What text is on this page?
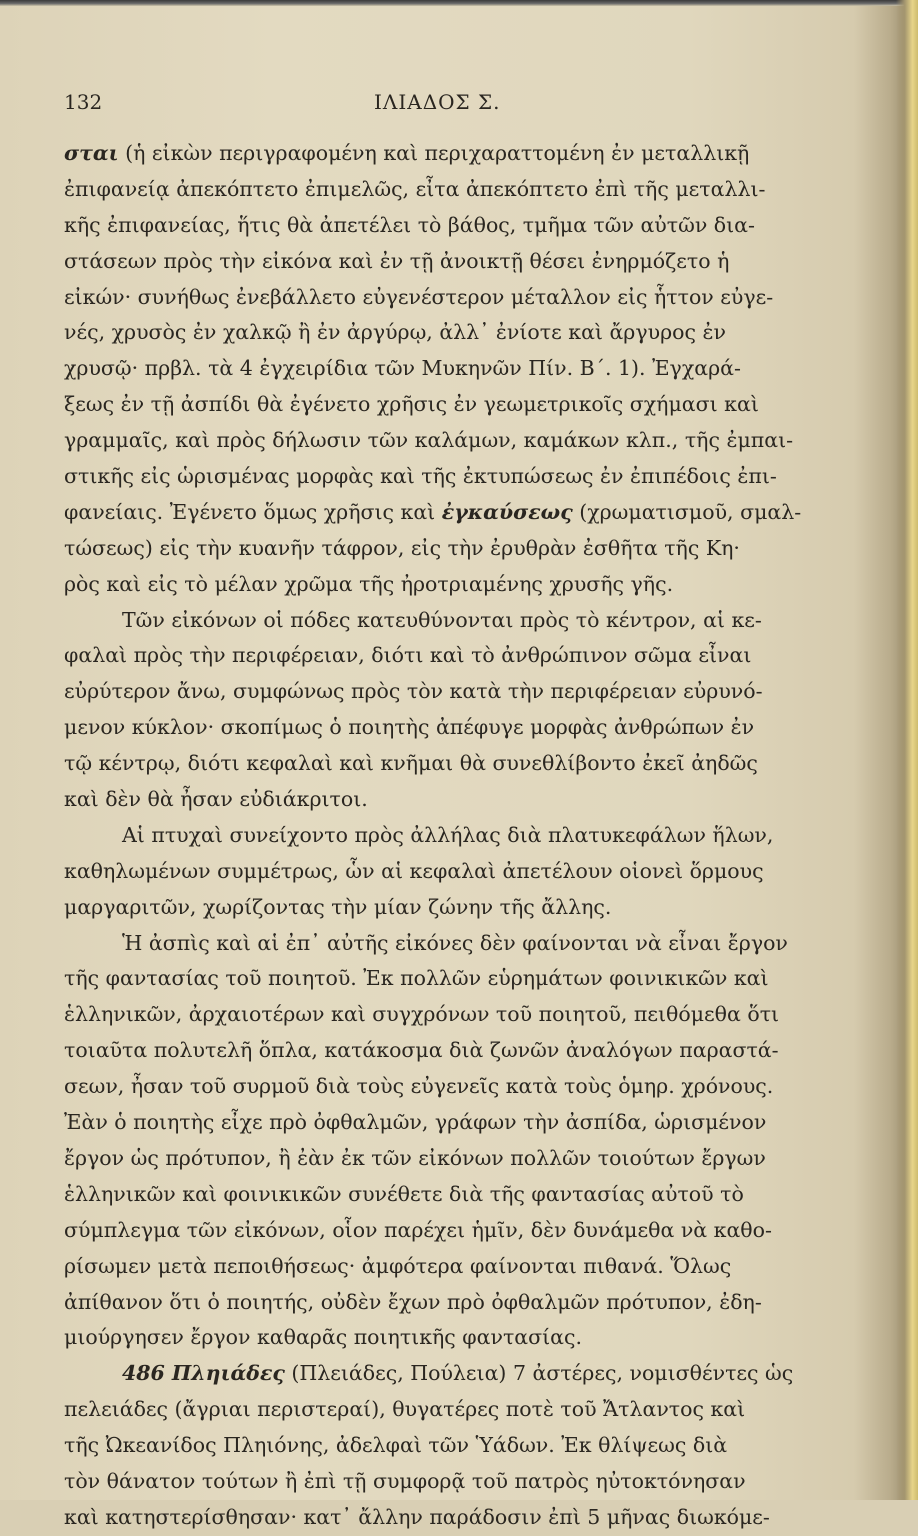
132	ΙΛΙΑΔΟΣ Σ.
σται (ἡ εἰκὼν περιγραφομένη καὶ περιχαραττομένη ἐν μεταλλικῇ
ἐπιφανείᾳ ἀπεκόπτετο ἐπιμελῶς, εἶτα ἀπεκόπτετο ἐπὶ τῆς μεταλλι-
κῆς ἐπιφανείας, ἥτις θὰ ἀπετέλει τὸ βάθος, τμῆμα τῶν αὐτῶν δια-
στάσεων πρὸς τὴν εἰκόνα καὶ ἐν τῇ ἀνοικτῇ θέσει ἐνηρμόζετο ἡ
εἰκών· συνήθως ἐνεβάλλετο εὐγενέστερον μέταλλον εἰς ἧττον εὐγε-
νές, χρυσὸς ἐν χαλκῷ ἢ ἐν ἀργύρῳ, ἀλλ᾽ ἐνίοτε καὶ ἄργυρος ἐν
χρυσῷ· πρβλ. τὰ 4 ἐγχειρίδια τῶν Μυκηνῶν Πίν. Β΄. 1). Ἐγχαρά-
ξεως ἐν τῇ ἀσπίδι θὰ ἐγένετο χρῆσις ἐν γεωμετρικοῖς σχήμασι καὶ
γραμμαῖς, καὶ πρὸς δήλωσιν τῶν καλάμων, καμάκων κλπ., τῆς ἐμπαι-
στικῆς εἰς ὡρισμένας μορφὰς καὶ τῆς ἐκτυπώσεως ἐν ἐπιπέδοις ἐπι-
φανείαις. Ἐγένετο ὅμως χρῆσις καὶ ἐγκαύσεως (χρωματισμοῦ, σμαλ-
τώσεως) εἰς τὴν κυανῆν τάφρον, εἰς τὴν ἐρυθρὰν ἐσθῆτα τῆς Κη·
ρὸς καὶ εἰς τὸ μέλαν χρῶμα τῆς ἠροτριαμένης χρυσῆς γῆς.
Τῶν εἰκόνων οἱ πόδες κατευθύνονται πρὸς τὸ κέντρον, αἱ κε-
φαλαὶ πρὸς τὴν περιφέρειαν, διότι καὶ τὸ ἀνθρώπινον σῶμα εἶναι
εὐρύτερον ἄνω, συμφώνως πρὸς τὸν κατὰ τὴν περιφέρειαν εὐρυνό-
μενον κύκλον· σκοπίμως ὁ ποιητὴς ἀπέφυγε μορφὰς ἀνθρώπων ἐν
τῷ κέντρῳ, διότι κεφαλαὶ καὶ κνῆμαι θὰ συνεθλίβοντο ἐκεῖ ἀηδῶς
καὶ δὲν θὰ ἦσαν εὐδιάκριτοι.
Αἱ πτυχαὶ συνείχοντο πρὸς ἀλλήλας διὰ πλατυκεφάλων ἥλων,
καθηλωμένων συμμέτρως, ὧν αἱ κεφαλαὶ ἀπετέλουν οἱονεὶ ὅρμους
μαργαριτῶν, χωρίζοντας τὴν μίαν ζώνην τῆς ἄλλης.
Ἡ ἀσπὶς καὶ αἱ ἐπ᾽ αὐτῆς εἰκόνες δὲν φαίνονται νὰ εἶναι ἔργον
τῆς φαντασίας τοῦ ποιητοῦ. Ἐκ πολλῶν εὑρημάτων φοινικικῶν καὶ
ἑλληνικῶν, ἀρχαιοτέρων καὶ συγχρόνων τοῦ ποιητοῦ, πειθόμεθα ὅτι
τοιαῦτα πολυτελῆ ὅπλα, κατάκοσμα διὰ ζωνῶν ἀναλόγων παραστά-
σεων, ἦσαν τοῦ συρμοῦ διὰ τοὺς εὐγενεῖς κατὰ τοὺς ὁμηρ. χρόνους.
Ἐὰν ὁ ποιητὴς εἶχε πρὸ ὀφθαλμῶν, γράφων τὴν ἀσπίδα, ὡρισμένον
ἔργον ὡς πρότυπον, ἢ ἐὰν ἐκ τῶν εἰκόνων πολλῶν τοιούτων ἔργων
ἑλληνικῶν καὶ φοινικικῶν συνέθετε διὰ τῆς φαντασίας αὐτοῦ τὸ
σύμπλεγμα τῶν εἰκόνων, οἷον παρέχει ἡμῖν, δὲν δυνάμεθα νὰ καθο-
ρίσωμεν μετὰ πεποιθήσεως· ἀμφότερα φαίνονται πιθανά. Ὅλως
ἀπίθανον ὅτι ὁ ποιητής, οὐδὲν ἔχων πρὸ ὀφθαλμῶν πρότυπον, ἐδη-
μιούργησεν ἔργον καθαρᾶς ποιητικῆς φαντασίας.
486 Πληιάδες (Πλειάδες, Πούλεια) 7 ἀστέρες, νομισθέντες ὡς
πελειάδες (ἄγριαι περιστεραί), θυγατέρες ποτὲ τοῦ Ἄτλαντος καὶ
τῆς Ὠκεανίδος Πληιόνης, ἀδελφαὶ τῶν Ὑάδων. Ἐκ θλίψεως διὰ
τὸν θάνατον τούτων ἢ ἐπὶ τῇ συμφορᾷ τοῦ πατρὸς ηὐτοκτόνησαν
καὶ κατηστερίσθησαν· κατ᾽ ἄλλην παράδοσιν ἐπὶ 5 μῆνας διωκόμε-
